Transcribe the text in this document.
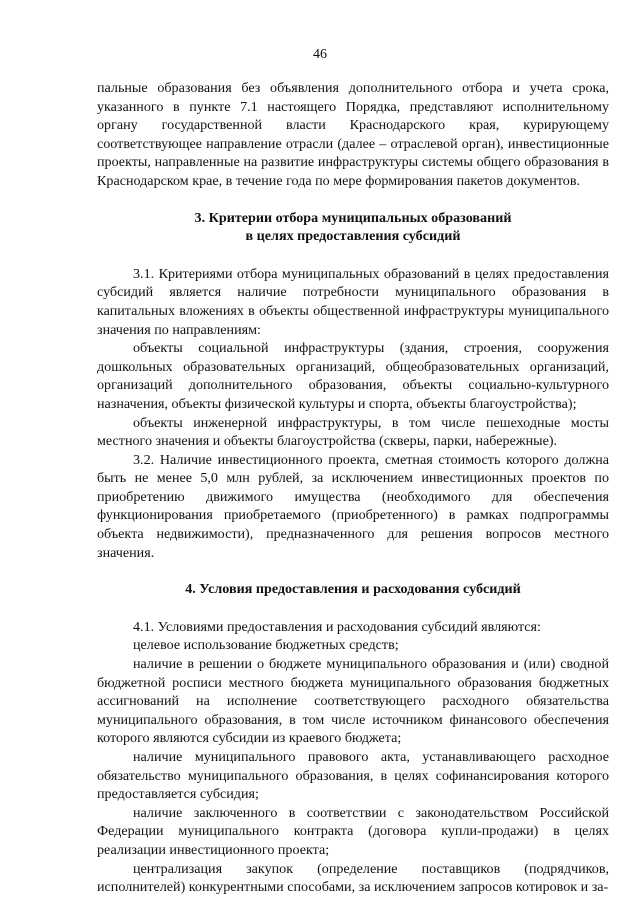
46

пальные образования без объявления дополнительного отбора и учета срока, указанного в пункте 7.1 настоящего Порядка, представляют исполнительному органу государственной власти Краснодарского края, курирующему соответствующее направление отрасли (далее – отраслевой орган), инвестиционные проекты, направленные на развитие инфраструктуры системы общего образования в Краснодарском крае, в течение года по мере формирования пакетов документов.

3. Критерии отбора муниципальных образований
в целях предоставления субсидий

3.1. Критериями отбора муниципальных образований в целях предоставления субсидий является наличие потребности муниципального образования в капитальных вложениях в объекты общественной инфраструктуры муниципального значения по направлениям:

объекты социальной инфраструктуры (здания, строения, сооружения дошкольных образовательных организаций, общеобразовательных организаций, организаций дополнительного образования, объекты социально-культурного назначения, объекты физической культуры и спорта, объекты благоустройства);

объекты инженерной инфраструктуры, в том числе пешеходные мосты местного значения и объекты благоустройства (скверы, парки, набережные).

3.2. Наличие инвестиционного проекта, сметная стоимость которого должна быть не менее 5,0 млн рублей, за исключением инвестиционных проектов по приобретению движимого имущества (необходимого для обеспечения функционирования приобретаемого (приобретенного) в рамках подпрограммы объекта недвижимости), предназначенного для решения вопросов местного значения.

4. Условия предоставления и расходования субсидий

4.1. Условиями предоставления и расходования субсидий являются:

целевое использование бюджетных средств;

наличие в решении о бюджете муниципального образования и (или) сводной бюджетной росписи местного бюджета муниципального образования бюджетных ассигнований на исполнение соответствующего расходного обязательства муниципального образования, в том числе источником финансового обеспечения которого являются субсидии из краевого бюджета;

наличие муниципального правового акта, устанавливающего расходное обязательство муниципального образования, в целях софинансирования которого предоставляется субсидия;

наличие заключенного в соответствии с законодательством Российской Федерации муниципального контракта (договора купли-продажи) в целях реализации инвестиционного проекта;

централизация закупок (определение поставщиков (подрядчиков, исполнителей) конкурентными способами, за исключением запросов котировок и за-
